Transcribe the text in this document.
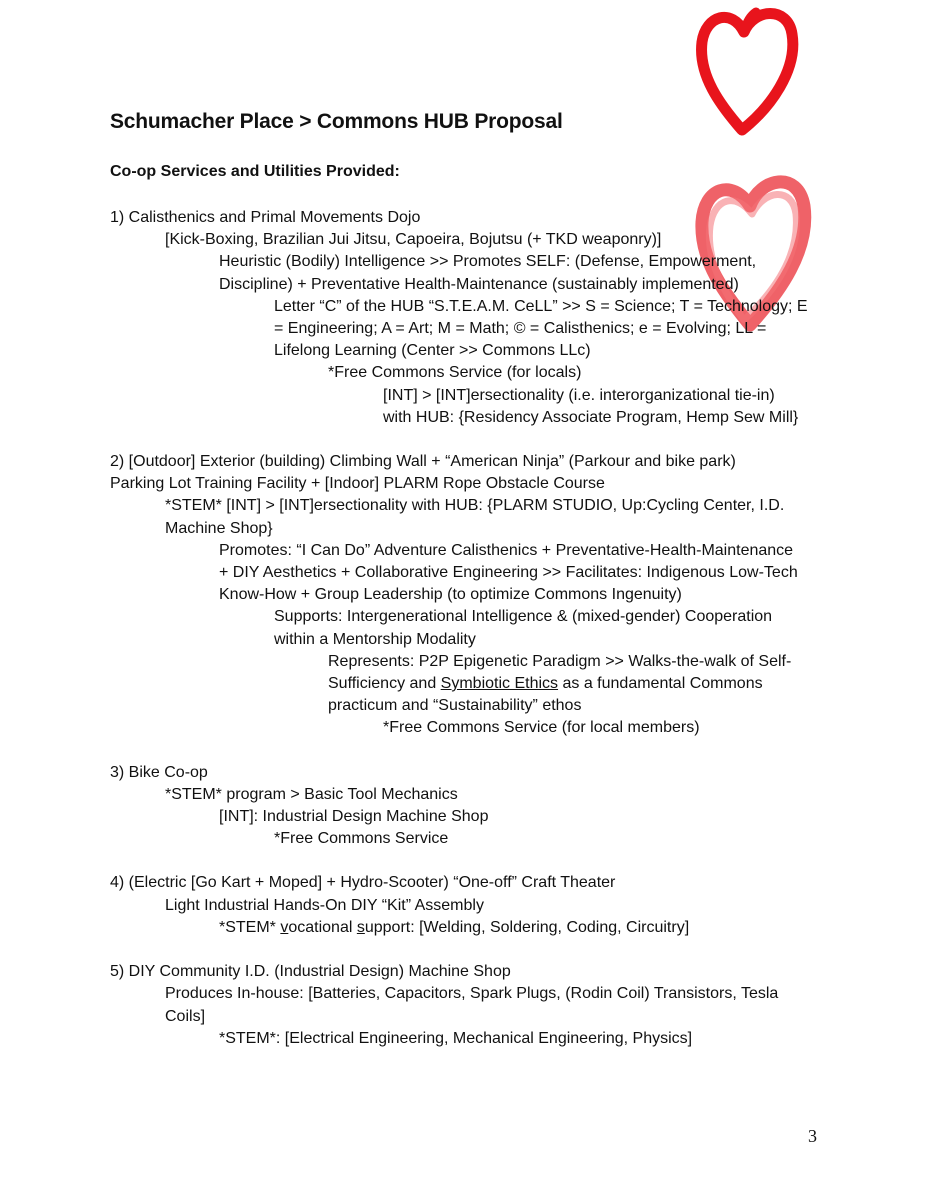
Schumacher Place > Commons HUB Proposal
Co-op Services and Utilities Provided:

1) Calisthenics and Primal Movements Dojo

[Kick-Boxing, Brazilian Jui Jitsu, Capoeira, Bojutsu (+ TKD weaponry)]

Heuristic (Bodily) Intelligence >> Promotes SELF: (Defense, Empowerment,

Discipline) + Preventative Health-Maintenance (sustainably implemented)

Letter “C” of the HUB “S.T.E.A.M. CeLL” >> S = Science; T = Technology; E

= Engineering; A = Art; M = Math; © = Calisthenics; e = Evolving; LL =

Lifelong Learning (Center >> Commons LLc)

*Free Commons Service (for locals)

[INT] > [INT]ersectionality (i.e. interorganizational tie-in)

with HUB: {Residency Associate Program, Hemp Sew Mill}

2) [Outdoor] Exterior (building) Climbing Wall + “American Ninja” (Parkour and bike park)

Parking Lot Training Facility + [Indoor] PLARM Rope Obstacle Course

*STEM* [INT] > [INT]ersectionality with HUB: {PLARM STUDIO, Up:Cycling Center, I.D.

Machine Shop}

Promotes: “I Can Do” Adventure Calisthenics + Preventative-Health-Maintenance

+ DIY Aesthetics + Collaborative Engineering >> Facilitates: Indigenous Low-Tech

Know-How + Group Leadership (to optimize Commons Ingenuity)

Supports: Intergenerational Intelligence & (mixed-gender) Cooperation

within a Mentorship Modality

Represents: P2P Epigenetic Paradigm >> Walks-the-walk of Self-

Sufficiency and Symbiotic Ethics as a fundamental Commons

practicum and “Sustainability” ethos

*Free Commons Service (for local members)

3) Bike Co-op

*STEM* program > Basic Tool Mechanics

[INT]: Industrial Design Machine Shop

*Free Commons Service

4) (Electric [Go Kart + Moped] + Hydro-Scooter) “One-off” Craft Theater

Light Industrial Hands-On DIY “Kit” Assembly

*STEM* vocational support: [Welding, Soldering, Coding, Circuitry]

5) DIY Community I.D. (Industrial Design) Machine Shop

Produces In-house: [Batteries, Capacitors, Spark Plugs, (Rodin Coil) Transistors, Tesla

Coils]

*STEM*: [Electrical Engineering, Mechanical Engineering, Physics]

3
